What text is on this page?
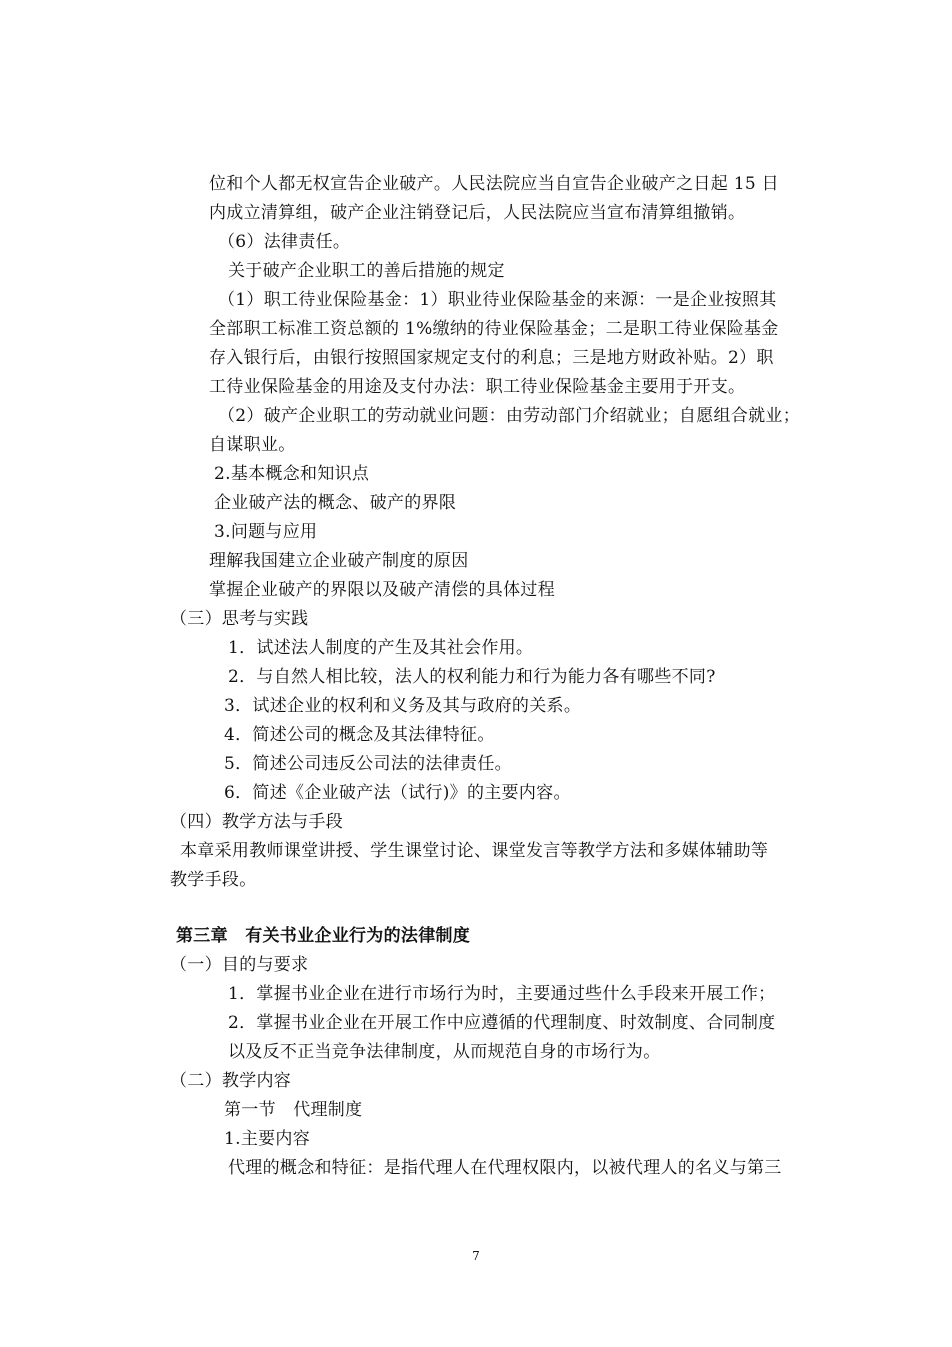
位和个人都无权宣告企业破产。人民法院应当自宣告企业破产之日起 15 日
内成立清算组，破产企业注销登记后，人民法院应当宣布清算组撤销。
（6）法律责任。
关于破产企业职工的善后措施的规定
（1）职工待业保险基金：1）职业待业保险基金的来源：一是企业按照其
全部职工标准工资总额的 1%缴纳的待业保险基金；二是职工待业保险基金
存入银行后，由银行按照国家规定支付的利息；三是地方财政补贴。2）职
工待业保险基金的用途及支付办法：职工待业保险基金主要用于开支。
（2）破产企业职工的劳动就业问题：由劳动部门介绍就业；自愿组合就业；
自谋职业。
2.基本概念和知识点
企业破产法的概念、破产的界限
3.问题与应用
理解我国建立企业破产制度的原因
掌握企业破产的界限以及破产清偿的具体过程
（三）思考与实践
1．试述法人制度的产生及其社会作用。
2．与自然人相比较，法人的权利能力和行为能力各有哪些不同?
3．试述企业的权利和义务及其与政府的关系。
4．简述公司的概念及其法律特征。
5．简述公司违反公司法的法律责任。
6．简述《企业破产法（试行)》的主要内容。
（四）教学方法与手段
本章采用教师课堂讲授、学生课堂讨论、课堂发言等教学方法和多媒体辅助等
教学手段。
第三章　有关书业企业行为的法律制度
（一）目的与要求
1．掌握书业企业在进行市场行为时，主要通过些什么手段来开展工作；
2．掌握书业企业在开展工作中应遵循的代理制度、时效制度、合同制度
以及反不正当竞争法律制度，从而规范自身的市场行为。
（二）教学内容
第一节　代理制度
1.主要内容
代理的概念和特征：是指代理人在代理权限内，以被代理人的名义与第三
7
